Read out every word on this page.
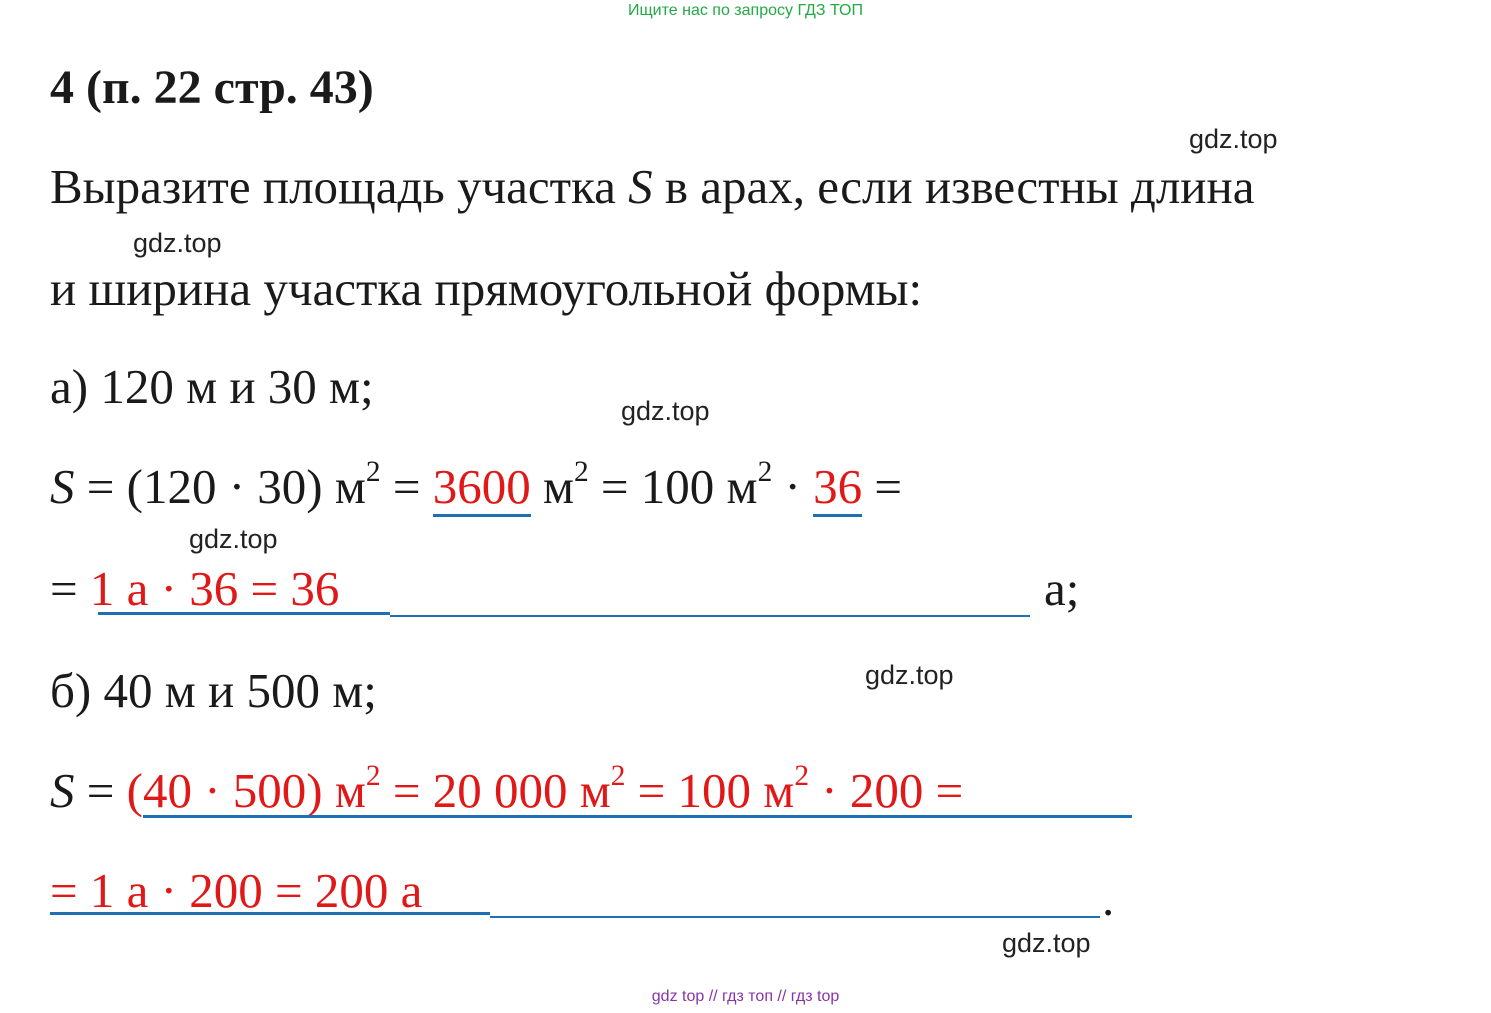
Ищите нас по запросу ГДЗ ТОП
4 (п. 22 стр. 43)
gdz.top
Выразите площадь участка S в арах, если известны длина
gdz.top
и ширина участка прямоугольной формы:
а) 120 м и 30 м;	gdz.top
S = (120 · 30) $м^2 = 3600$ $м^2 = 100$ $м^2 \cdot 36$ =
gdz.top
= 1 а · 36 = 36	а;
gdz.top
б) 40 м и 500 м;
S = (40 · 500) $м^2 = 20$ 000 $м^2 = 100$ $м^2 \cdot 200$ =
= 1 а · 200 = 200 а	.
gdz.top
gdz top // гдз топ // гдз top
